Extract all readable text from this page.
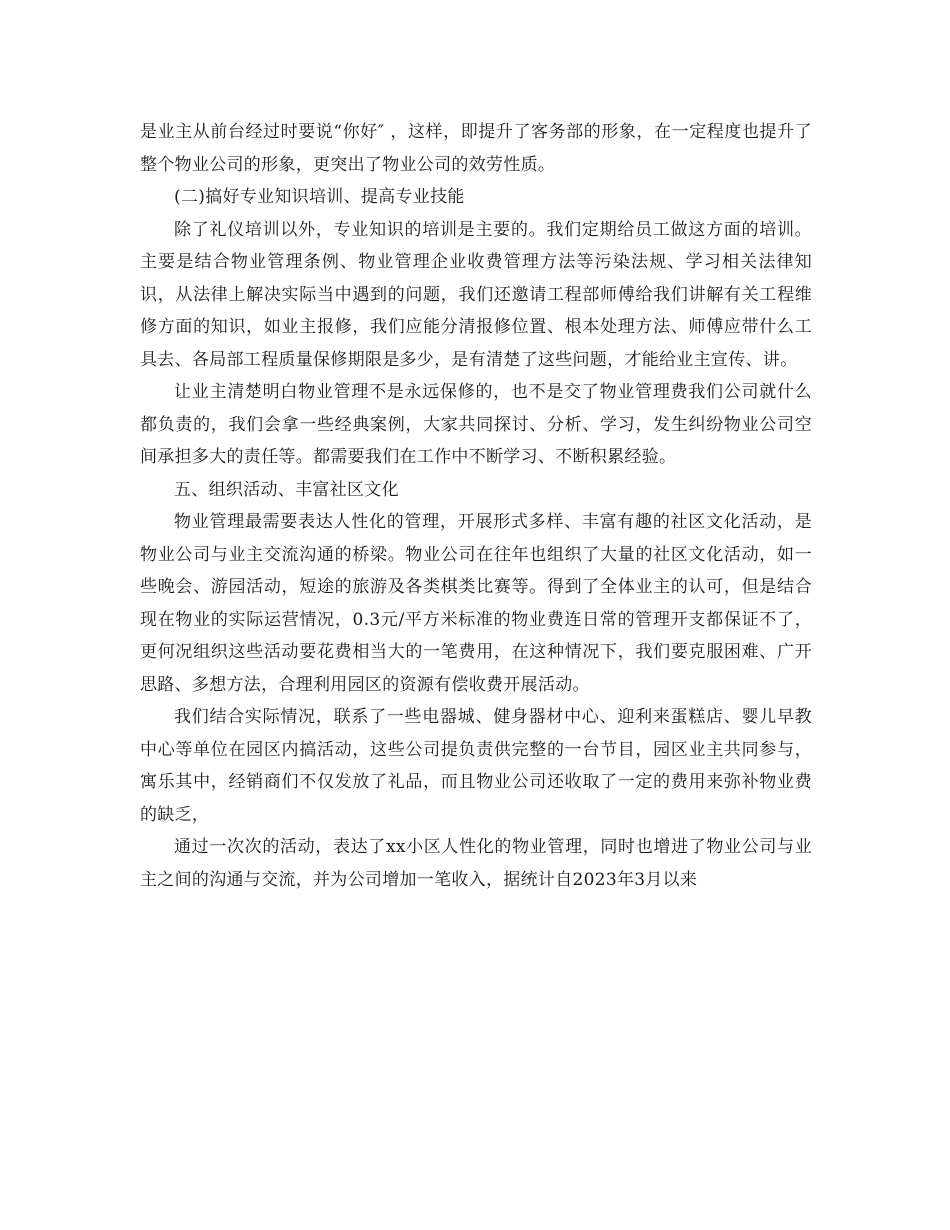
是业主从前台经过时要说“你好″ ，这样，即提升了客务部的形象，在一定程度也提升了整个物业公司的形象，更突出了物业公司的效劳性质。

(二)搞好专业知识培训、提高专业技能

除了礼仪培训以外，专业知识的培训是主要的。我们定期给员工做这方面的培训。主要是结合物业管理条例、物业管理企业收费管理方法等污染法规、学习相关法律知识，从法律上解决实际当中遇到的问题，我们还邀请工程部师傅给我们讲解有关工程维修方面的知识，如业主报修，我们应能分清报修位置、根本处理方法、师傅应带什么工具去、各局部工程质量保修期限是多少，是有清楚了这些问题，才能给业主宣传、讲。

让业主清楚明白物业管理不是永远保修的，也不是交了物业管理费我们公司就什么都负责的，我们会拿一些经典案例，大家共同探讨、分析、学习，发生纠纷物业公司空间承担多大的责任等。都需要我们在工作中不断学习、不断积累经验。

五、组织活动、丰富社区文化

物业管理最需要表达人性化的管理，开展形式多样、丰富有趣的社区文化活动，是物业公司与业主交流沟通的桥梁。物业公司在往年也组织了大量的社区文化活动，如一些晚会、游园活动，短途的旅游及各类棋类比赛等。得到了全体业主的认可，但是结合现在物业的实际运营情况，0.3元/平方米标准的物业费连日常的管理开支都保证不了，更何况组织这些活动要花费相当大的一笔费用，在这种情况下，我们要克服困难、广开思路、多想方法，合理利用园区的资源有偿收费开展活动。

我们结合实际情况，联系了一些电器城、健身器材中心、迎利来蛋糕店、婴儿早教中心等单位在园区内搞活动，这些公司提负责供完整的一台节目，园区业主共同参与，寓乐其中，经销商们不仅发放了礼品，而且物业公司还收取了一定的费用来弥补物业费的缺乏，

通过一次次的活动，表达了xx小区人性化的物业管理，同时也增进了物业公司与业主之间的沟通与交流，并为公司增加一笔收入，据统计自2023年3月以来
